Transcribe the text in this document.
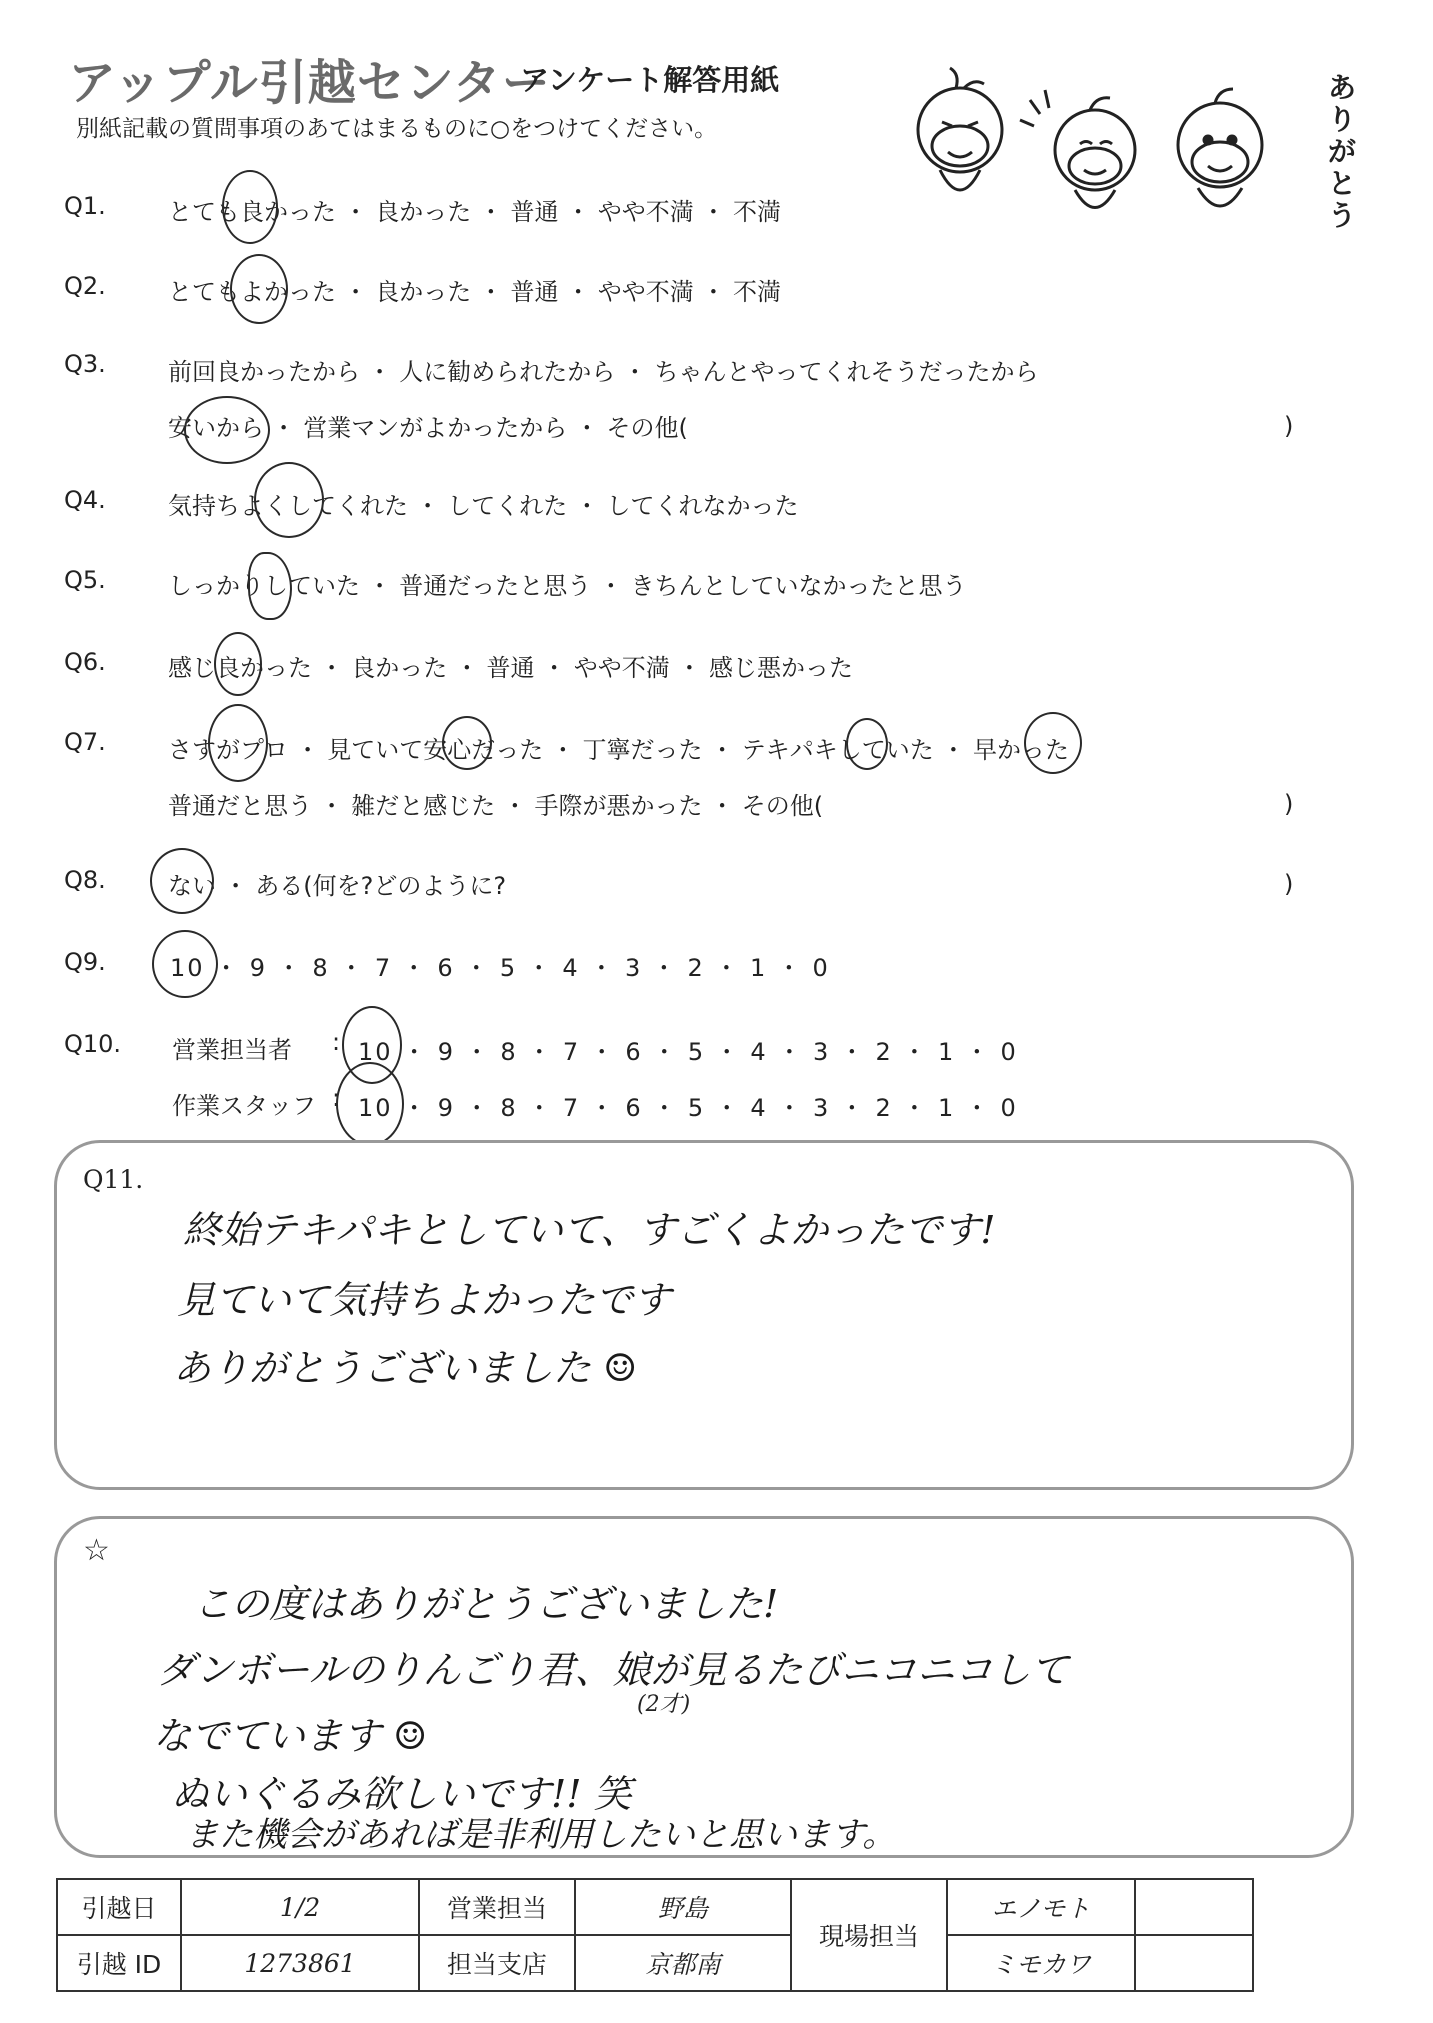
アップル引越センター
アンケート解答用紙
別紙記載の質問事項のあてはまるものに○をつけてください。
ありがとう
Q1.	とても良かった ・ 良かった ・ 普通 ・ やや不満 ・ 不満
Q2.	とてもよかった ・ 良かった ・ 普通 ・ やや不満 ・ 不満
Q3.	前回良かったから ・ 人に勧められたから ・ ちゃんとやってくれそうだったから
安いから ・ 営業マンがよかったから ・ その他(	)
Q4.	気持ちよくしてくれた ・ してくれた ・ してくれなかった
Q5.	しっかりしていた ・ 普通だったと思う ・ きちんとしていなかったと思う
Q6.	感じ良かった ・ 良かった ・ 普通 ・ やや不満 ・ 感じ悪かった
Q7.	さすがプロ ・ 見ていて安心だった ・ 丁寧だった ・ テキパキしていた ・ 早かった
普通だと思う ・ 雑だと感じた ・ 手際が悪かった ・ その他(	)
Q8.	ない ・ ある(何を?どのように?	)
Q9.	10 ・ 9 ・ 8 ・ 7 ・ 6 ・ 5 ・ 4 ・ 3 ・ 2 ・ 1 ・ 0
Q10. 営業担当者 : 10 ・ 9 ・ 8 ・ 7 ・ 6 ・ 5 ・ 4 ・ 3 ・ 2 ・ 1 ・ 0
作業スタッフ : 10 ・ 9 ・ 8 ・ 7 ・ 6 ・ 5 ・ 4 ・ 3 ・ 2 ・ 1 ・ 0
Q11.
終始テキパキとしていて、すごくよかったです!
見ていて気持ちよかったです
ありがとうございました ☺
☆
この度はありがとうございました!
ダンボールのりんごり君、娘が見るたびニコニコして
(2才)
なでています ☺
ぬいぐるみ欲しいです!! 笑
また機会があれば是非利用したいと思います。
引越日	1/2	営業担当	野島	現場担当	エノモト	
引越 ID	1273861	担当支店	京都南		ミモカワ	
